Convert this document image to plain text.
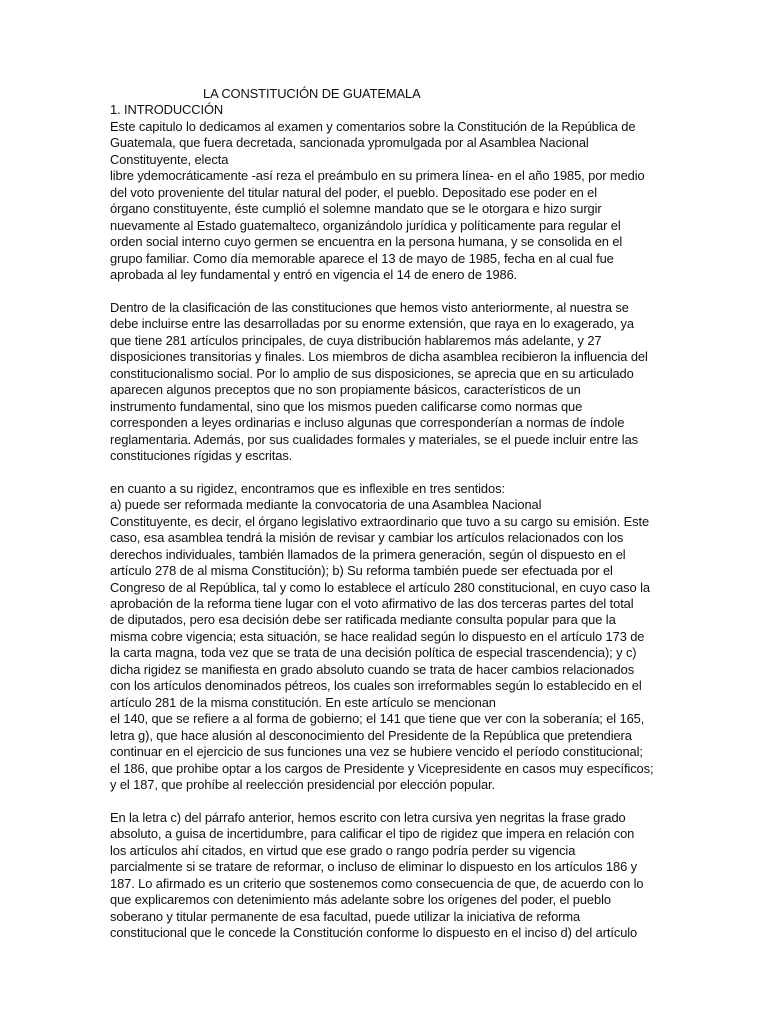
LA CONSTITUCIÓN DE GUATEMALA
1. INTRODUCCIÓN
Este capitulo lo dedicamos al examen y comentarios sobre la Constitución de la República de
Guatemala, que fuera decretada, sancionada ypromulgada por al Asamblea Nacional
Constituyente, electa
libre ydemocráticamente -así reza el preámbulo en su primera línea- en el año 1985, por medio
del voto proveniente del titular natural del poder, el pueblo. Depositado ese poder en el
órgano constituyente, éste cumplió el solemne mandato que se le otorgara e hizo surgir
nuevamente al Estado guatemalteco, organizándolo jurídica y políticamente para regular el
orden social interno cuyo germen se encuentra en la persona humana, y se consolida en el
grupo familiar. Como día memorable aparece el 13 de mayo de 1985, fecha en al cual fue
aprobada al ley fundamental y entró en vigencia el 14 de enero de 1986.
Dentro de la clasificación de las constituciones que hemos visto anteriormente, al nuestra se
debe incluirse entre las desarrolladas por su enorme extensión, que raya en lo exagerado, ya
que tiene 281 artículos principales, de cuya distribución hablaremos más adelante, y 27
disposiciones transitorias y finales. Los miembros de dicha asamblea recibieron la influencia del
constitucionalismo social. Por lo amplio de sus disposiciones, se aprecia que en su articulado
aparecen algunos preceptos que no son propiamente básicos, característicos de un
instrumento fundamental, sino que los mismos pueden calificarse como normas que
corresponden a leyes ordinarias e incluso algunas que corresponderían a normas de índole
reglamentaria. Además, por sus cualidades formales y materiales, se el puede incluir entre las
constituciones rígidas y escritas.
en cuanto a su rigidez, encontramos que es inflexible en tres sentidos:
a) puede ser reformada mediante la convocatoria de una Asamblea Nacional
Constituyente, es decir, el órgano legislativo extraordinario que tuvo a su cargo su emisión. Este
caso, esa asamblea tendrá la misión de revisar y cambiar los artículos relacionados con los
derechos individuales, también llamados de la primera generación, según ol dispuesto en el
artículo 278 de al misma Constitución); b) Su reforma también puede ser efectuada por el
Congreso de al República, tal y como lo establece el artículo 280 constitucional, en cuyo caso la
aprobación de la reforma tiene lugar con el voto afirmativo de las dos terceras partes del total
de diputados, pero esa decisión debe ser ratificada mediante consulta popular para que la
misma cobre vigencia; esta situación, se hace realidad según lo dispuesto en el artículo 173 de
la carta magna, toda vez que se trata de una decisión política de especial trascendencia); y c)
dicha rigidez se manifiesta en grado absoluto cuando se trata de hacer cambios relacionados
con los artículos denominados pétreos, los cuales son irreformables según lo establecido en el
artículo 281 de la misma constitución. En este artículo se mencionan
el 140, que se refiere a al forma de gobierno; el 141 que tiene que ver con la soberanía; el 165,
letra g), que hace alusión al desconocimiento del Presidente de la República que pretendiera
continuar en el ejercicio de sus funciones una vez se hubiere vencido el período constitucional;
el 186, que prohibe optar a los cargos de Presidente y Vicepresidente en casos muy específicos;
y el 187, que prohíbe al reelección presidencial por elección popular.
En la letra c) del párrafo anterior, hemos escrito con letra cursiva yen negritas la frase grado
absoluto, a guisa de incertidumbre, para calificar el tipo de rigidez que impera en relación con
los artículos ahí citados, en virtud que ese grado o rango podría perder su vigencia
parcialmente si se tratare de reformar, o incluso de eliminar lo dispuesto en los artículos 186 y
187. Lo afirmado es un criterio que sostenemos como consecuencia de que, de acuerdo con lo
que explicaremos con detenimiento más adelante sobre los orígenes del poder, el pueblo
soberano y titular permanente de esa facultad, puede utilizar la iniciativa de reforma
constitucional que le concede la Constitución conforme lo dispuesto en el inciso d) del artículo
